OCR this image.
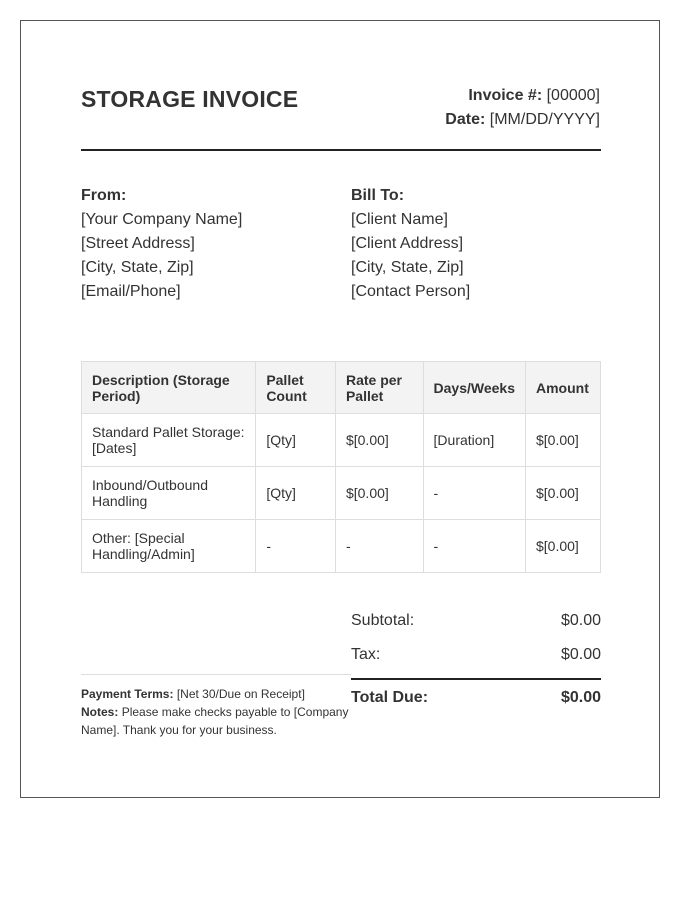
STORAGE INVOICE	Invoice #: [00000]
Date: [MM/DD/YYYY]
From:
[Your Company Name]
[Street Address]
[City, State, Zip]
[Email/Phone]
Bill To:
[Client Name]
[Client Address]
[City, State, Zip]
[Contact Person]
Description (Storage Period)	Pallet Count	Rate per Pallet	Days/Weeks	Amount
Standard Pallet Storage: [Dates]	[Qty]	$[0.00]	[Duration]	$[0.00]
Inbound/Outbound Handling	[Qty]	$[0.00]	-	$[0.00]
Other: [Special Handling/Admin]	-	-	-	$[0.00]
Subtotal:	$0.00
Tax:	$0.00
Total Due:	$0.00
Payment Terms: [Net 30/Due on Receipt]
Notes: Please make checks payable to [Company Name]. Thank you for your business.
